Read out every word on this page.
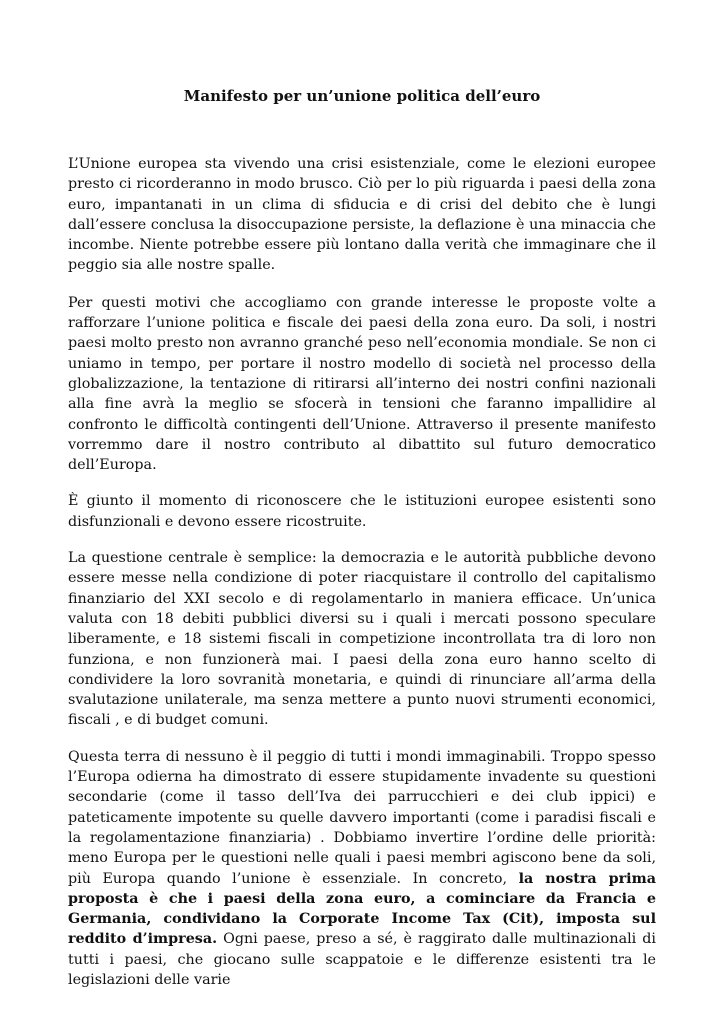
Manifesto per un’unione politica dell’euro

L’Unione europea sta vivendo una crisi esistenziale, come le elezioni europee presto ci ricorderanno in modo brusco. Ciò per lo più riguarda i paesi della zona euro, impantanati in un clima di sfiducia e di crisi del debito che è lungi dall’essere conclusa la disoccupazione persiste, la deflazione è una minaccia che incombe. Niente potrebbe essere più lontano dalla verità che immaginare che il peggio sia alle nostre spalle.

Per questi motivi che accogliamo con grande interesse le proposte volte a rafforzare l’unione politica e fiscale dei paesi della zona euro. Da soli, i nostri paesi molto presto non avranno granché peso nell’economia mondiale. Se non ci uniamo in tempo, per portare il nostro modello di società nel processo della globalizzazione, la tentazione di ritirarsi all’interno dei nostri confini nazionali alla fine avrà la meglio se sfocerà in tensioni che faranno impallidire al confronto le difficoltà contingenti dell’Unione. Attraverso il presente manifesto vorremmo dare il nostro contributo al dibattito sul futuro democratico dell’Europa.

È giunto il momento di riconoscere che le istituzioni europee esistenti sono disfunzionali e devono essere ricostruite.

La questione centrale è semplice: la democrazia e le autorità pubbliche devono essere messe nella condizione di poter riacquistare il controllo del capitalismo finanziario del XXI secolo e di regolamentarlo in maniera efficace. Un’unica valuta con 18 debiti pubblici diversi su i quali i mercati possono speculare liberamente, e 18 sistemi fiscali in competizione incontrollata tra di loro non funziona, e non funzionerà mai. I paesi della zona euro hanno scelto di condividere la loro sovranità monetaria, e quindi di rinunciare all’arma della svalutazione unilaterale, ma senza mettere a punto nuovi strumenti economici, fiscali , e di budget comuni.

Questa terra di nessuno è il peggio di tutti i mondi immaginabili. Troppo spesso l’Europa odierna ha dimostrato di essere stupidamente invadente su questioni secondarie (come il tasso dell’Iva dei parrucchieri e dei club ippici) e pateticamente impotente su quelle davvero importanti (come i paradisi fiscali e la regolamentazione finanziaria) . Dobbiamo invertire l’ordine delle priorità: meno Europa per le questioni nelle quali i paesi membri agiscono bene da soli, più Europa quando l’unione è essenziale. In concreto, la nostra prima proposta è che i paesi della zona euro, a cominciare da Francia e Germania, condividano la Corporate Income Tax (Cit), imposta sul reddito d’impresa. Ogni paese, preso a sé, è raggirato dalle multinazionali di tutti i paesi, che giocano sulle scappatoie e le differenze esistenti tra le legislazioni delle varie
